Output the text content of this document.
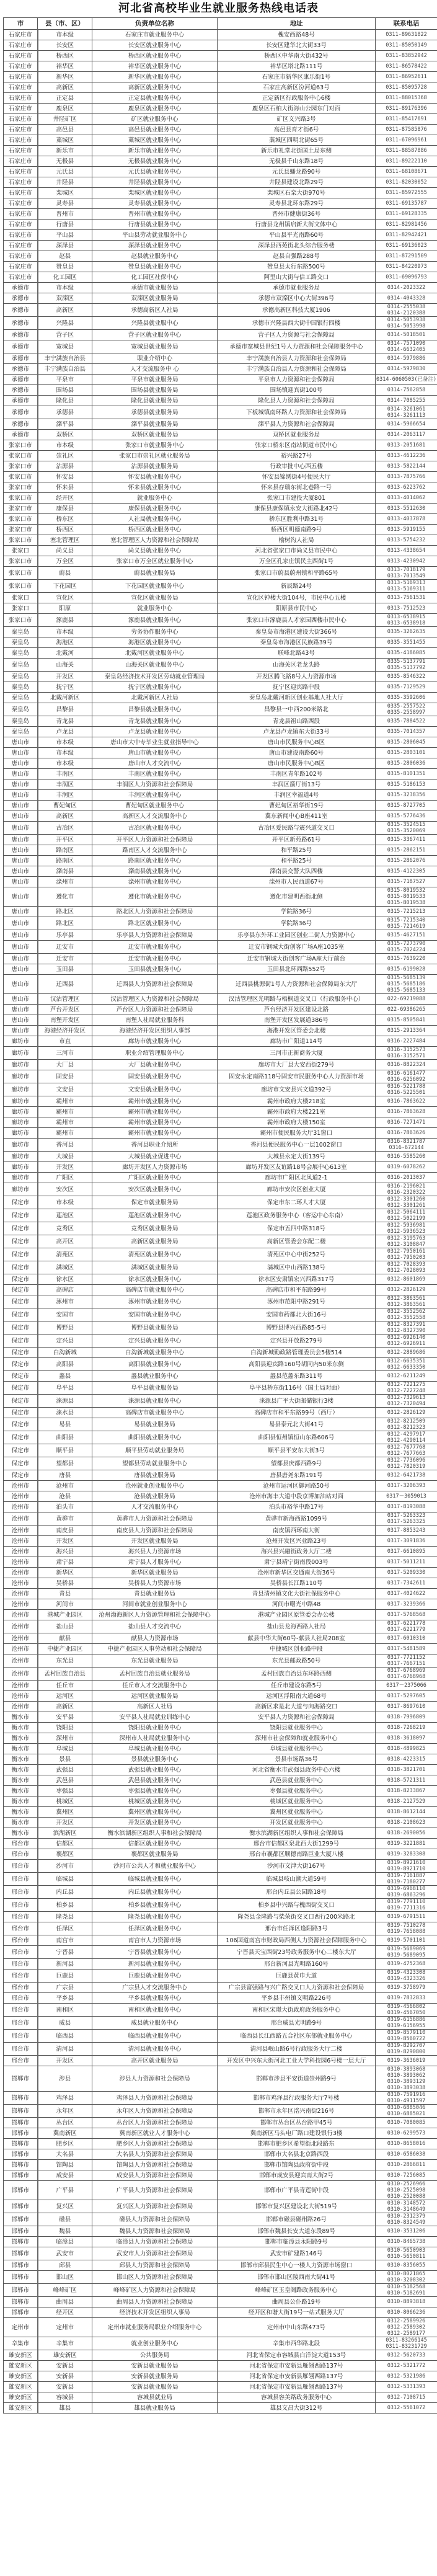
河北省高校毕业生就业服务热线电话表
市	县（市、区）	负责单位名称	地址	联系电话
石家庄市	市本级	石家庄市就业服务中心	槐安西路48号	0311-89631822
石家庄市	长安区	长安区就业服务中心	长安区建华北大街33号	0311-85050149
石家庄市	桥西区	桥西区就业服务中心	桥西区中华南大街432号	0311-83852942
石家庄市	裕华区	裕华区就业服务中心	裕华区塔北路111号	0311-86578422
石家庄市	新华区	新华区就业服务中心	石家庄市新华区康乐街1号	0311-86952611
石家庄市	高新区	高新区就业服务中心	石家庄高新区汾河道63号	0311-85095728
石家庄市	正定县	正定县就业服务中心	正定新区行政服务中心6楼	0311-88015368
石家庄市	鹿泉区	鹿泉区就业服务中心	鹿泉区石柏大街海山公园东门对面	0311-89176396
石家庄市	井陉矿区	矿区就业服务中心	矿区文兴路3号	0311-85417691
石家庄市	高邑县	高邑县就业服务中心	高邑县育才街6号	0311-87585876
石家庄市	藁城区	藁城区就业服务中心	藁城区四明北街65号	0311-67096961
石家庄市	新乐市	新乐市就业服务中心	新乐市礼堂北街国土局东侧	0311-88587886
石家庄市	无极县	无极县就业服务中心	无极县千山东路18号	0311-89222110
石家庄市	元氏县	元氏县就业服务中心	元氏县蟠龙路90号	0311-68108671
石家庄市	井陉县	井陉县就业服务中心	井陉县建设北路29号	0311-82030052
石家庄市	栾城区	栾城区就业服务中心	栾城区石栾大街970号	0311-85972555
石家庄市	灵寿县	灵寿县就业服务中心	灵寿县北环东路29号	0311-69135787
石家庄市	晋州市	晋州市就业服务中心	晋州市健康街36号	0311-69128335
石家庄市	行唐县	行唐县就业服务中心	行唐县龙州镇启新大街文体中心	0311-82981456
石家庄市	平山县	平山县劳动就业服务中心	平山县平光南路60号	0311-82942421
石家庄市	深泽县	深泽县就业服务中心	深泽县西苑街北头综合服务楼	0311-69136023
石家庄市	赵县	赵县就业服务中心	赵县自强路288号	0311-87291509
石家庄市	赞皇县	赞皇县就业服务中心	赞皇县太行东路500号	0311-84220973
石家庄市	化工园区	化工园区社保中心	阿里山大街与信工路交口	0311-69096793
承德市	市本级	承德市就业服务局	承德市就业服务局	0314-2023322
承德市	双滦区	双滦区就业服务局	承德市双滦区中心大街396号	0314-4043328
承德市	高新区	承德高新区人社局	承德高新区科技大厦1906	0314-2555038
0314-2120388
承德市	兴隆县	兴隆县就业服中心	承德市兴隆县西大街中国银行四楼	0314-5053938
0314-5053998
承德市	营子区	营子区就业服务中心	营子区人力资源与社会保障局	0314-5018501
承德市	宽城县	宽城县就业服务局	承德市宽城县世纪1号人力资源和社会保障服务中心	0314-7571090
0314-6632405
承德市	丰宁满族自治县	职业介绍中心	丰宁满族自治县人力资源和社会保障局	0314-5979886
承德市	丰宁满族自治县	人才交流服务中 心	丰宁满族自治县人力资源和社会保障局	0314-5979830
承德市	平泉市	平泉市就业服务局	平泉市人力资源和社会保障局	0314-6060503(已备注)
承德市	围场县	围场县就业服务局	围场镇迎宾街100号	0314-7562858
承德市	隆化县	隆化县就业服务局	隆化县人力资源和社会保障局	0314-7085255
承德市	承德县	承德县就业服务局	下板城镇南环路人力资源和社会保障局	0314-3261061
0314-3261113
承德市	滦平县	滦平县就业服务局	滦平县人力资源和社会保障局	0314-5966654
承德市	双桥区	双桥区就业服务局	双桥区就业服务局	0314-2063117
张家口市	市本级	张家口市就业服务中心	张家口桥东区南站街道市民中心	0313-2051681
张家口市	崇礼区	张家口市崇礼区就业服务局	裕兴路27号	0313-4612236
张家口市	沽源县	沽源县就业服务局	行政审批中心西五楼	0313-5822144
张家口市	怀安县	怀安县就业服务中心	怀安县锦绣街4号便民大厅	0313-7875766
张家口市	怀来县	怀来县就业服务中心	怀来县存瑞东街北巷路一号	0313-6223762
张家口市	经开区	就业服务中心	张家口市建投大厦801	0313-4014062
张家口市	康保县	康保县就业服务中心	康保县康保镇永安大街路北42号	0313-5512630
张家口市	桥东区	人社局就业服务中心	桥东区胜利中路31号	0313-4037878
张家口市	桥西区	桥西区就业服务中心	桥西区明德南路9号	0313-5919155
张家口市	塞北管理区	塞北管理区人力资源和社会保障局	榆树沟人社局	0313-5754232
张家口	尚义县	尚义县就业服务中心	河北省张家口市尚义县市民中心	0313-4338654
张家口市	万全区	张家口市万全区就业服务中心	万全区孔家庄镇民主西街1号	0313-4230942
张家口市	蔚县	蔚县就业服务局	张家口市蔚县蔚州镇和平路65号	0313-7018179
0313-7013549
张家口市	下花园区	下花园区就业服务中心	新辰路24号	0313-5169313
0313-5169311
张家口	宣化区	宣化区就业服务局	宣化区钟楼大街104号，市民中心五楼	0313-7561531
张家口	阳原	就业服务中心	阳原县市民中心	0313-7512523
张家口市	涿鹿县	涿鹿县就业服务中心	张家口市涿鹿县人才家园西楼市民中心	0313-6538915
0313-6538918
秦皇岛	市本级	劳务协作服务中心	秦皇岛市海港区建设大街366号	0335-3262635
秦皇岛	海港区	海港区就业服务中心	秦皇岛市海港区民族路39号	0335-3551455
秦皇岛	北戴河	北戴河区就业服务中心	联峰北路43号	0335-4186085
秦皇岛	山海关	山海关区就业服务中心	山海关区老龙头路	0335-5137791
0335-5137792
秦皇岛	开发区	秦皇岛经济技术开发区劳动就业管理局	开发区腾飞路8号人力资源市场	0335-8546322
秦皇岛	抚宁区	抚宁区就业服务中心	抚宁区迎宾路中段	0335-7129529
秦皇岛	北戴河新区	北戴河新区人社局	秦皇岛北戴河新区创业基地人社大厅	0335-3592606
秦皇岛	昌黎县	昌黎县就业服务中心	昌黎县一中西200米路北	0335-2557522
0335-2558997
秦皇岛	青龙县	青龙县就业服务中心	青龙县祖山路西段	0335-7884522
秦皇岛	卢龙县	卢龙县就业服务中心	卢龙县卢龙镇东大街33号	0335-7014357
唐山市	市本级	唐山市大中专毕业生就业指导中心	唐山市民服务中心B区	0315-2806045
唐山市	市本级	唐山市就业服务中心	唐山市建设南路60号	0315-2803101
唐山市	市本级	唐山市人才交流中心	唐山市民服务中心B区	0315-2806036
唐山市	丰南区	丰南区就业服务中心	丰南区青年路102号	0315-8101351
唐山市	丰润区	丰润区人力资源和社会保障局	丰润区箭厅街13号	0315-5186153
唐山市	丰润区	丰润区就业服务中心	丰润区幸福道4号	0315-3238356
唐山市	曹妃甸区	曹妃甸区就业服务中心	曹妃甸区裕华街19号	0315-8727705
唐山市	高新区	高新区人才交流服务中心	冀东新闻中心B座411室	0315-5776436
唐山市	古冶区	古冶区就业服务中心	古冶区爱民路与震兴道交叉口	0315-3524515
0315-3520069
唐山市	开平区	开平区人力资源和社会保障局	开平区新苑路61号	0315-3367411
唐山市	路南区	路南区人才交流服务中心	和平路25号	0315-2862151
唐山市	路南区	路南区就业服务中心	和平路25号	0315-2862076
唐山市	滦南县	滦南县就业服务中心	滦南县交警大队四楼	0315-4122305
唐山市	滦州市	滦州市就业服务中心	滦州市人民西道67号	0315-7187527
唐山市	遵化市	遵化市就业服务中心	遵化市建明西街北侧	0315-8019532
0315-8019533
0315-8019538
唐山市	路北区	路北区人力资源和社会保障局	学院路36号	0315-7215213
唐山市	路北区	路北区就业服务中心	学院路36号	0315-7215340
0315-7214619
唐山市	乐亭县	乐亭县人力资源和社会保障局	乐亭县东外环工业园区创业二街人力资源中心	0315-4627151
唐山市	迁安市	迁安市就业服务中心	迁安市钢城大街创客广场A座1035室	0315-7273790
0315-7024224
唐山市	迁安市	迁安市就业服务中心	迁安市钢城大街创客广场A座大厅前台	0315-7639220
唐山市	玉田县	玉田县就业服务中心	玉田县北环西路552号	0315-6199028
唐山市	迁西县	迁西县人力资源和社会保障局	迁西县桃源街1号人力资源和社会保障局东大厅	0315-5685139
0315-5685186
0315-5685133
唐山市	汉沽管理区	汉沽管理区人力资源和社会保障局	汉沽管理区光明路与梧桐道交叉口（行政服务中心）	022-69219088
唐山市	芦台开发区	芦台区人力资源和社会保障局	芦台经济开发区建设北路	022-69386265
唐山市	南堡开发区	南堡人社局就业服务科	南堡开发区发展道386号	0315-8505841
唐山市	海港经济开发区	海港经济开发区组织人事部	海港开发区管委会北楼	0315-2913364
廊坊市	市直	廊坊市就业服务中心	廊坊市广阳道114号	0316-2227484
廊坊市	三河市	职业介绍管理服务中心	三河市正新商务大厦	0316-3152573
0316-3152571
廊坊市	大厂县	大厂县就业服务中心	廊坊市大厂县大安西街279号	0316-8822324
廊坊市	固安县	固安县就业服务中心	固安永定南路118号固安市民服务中心人力资源市场	0316-6161477
0316-6256092
廊坊市	文安县	文安县就业服务中心	廊坊市文安县兴文道392号	0316-5221788
0316-5225501
廊坊市	霸州市	霸州市就业服务中心	霸州市政府大楼218室	0316-7863622
廊坊市	霸州市	霸州市就业服务中心	霸州市政府大楼221室	0316-7863628
廊坊市	霸州市	霸州市就业服务中心	霸州市政府大楼150室	0316-7271471
廊坊市	霸州市	霸州市就业服务中心	霸州市便民服务大厅31窗口	0316-7863626
廊坊市	香河县	香河县职业介绍所	香河县便民服务中心一层1002窗口	0316-8321787
0316-672144
廊坊市	大城县	大城县就业促进中心	大城县永定大街139号	0316-5585260
廊坊市	开发区	廊坊开发区人力资源市场	廊坊开发区友谊路18号会展中心613室	0319-6078262
廊坊市	广阳区	广阳区就业服务中心	廊坊市广阳区北凤道2-1	0316-2013037
廊坊市	安次区	安次区就业服务中心	廊坊市安次区创业大厦	0316-2196021
0316-2320322
保定市	市本级	保定市就业服务局	保定市东二环人才大厦	0312-3301260
0312-3301261
保定市	莲池区	莲池区就业服务中心	莲池区政务服务中心（客运中心东南）	0312-5064111
0312-5022199
保定市	竞秀区	竞秀区就业服务局	保定市五四中路318号	0312-5936981
0312-5936523
保定市	高开区	高新区就业服务局	高新区管委会东配二楼	0312-3195763
0312-3108847
保定市	清苑区	清苑区就业服务中心	清苑区中心中街252号	0312-7950161
0312-7950203
保定市	满城区	满城区就业服务局	满城区中山西路138号	0312-7028393
0312-7028093
保定市	徐水区	徐水区就业服务中心	徐水区安肃镇宏兴西路317号	0312-8601869
保定市	高碑店	高碑店市就业服务中心	高碑店市和平东路99号	0312-2826129
保定市	涿州市	涿州市就业服务中心	涿州市范阳中路291号	0312-3863561
0312-3863561
保定市	安国市	安国市就业服务中心	安国市药都北大街16号	0312-3552562
0312-3552558
保定市	博野县	博野县就业服务局	博野县博兴西路85-5号	0312-8327391
0312-8327390
保定市	定兴县	定兴县就业服务中心	定兴县开放路279号	0312-6926140
0312-6926911
保定市	白沟新城	白沟新城就业服务中心	白沟新城勤政路管理委员会5楼514	0312-2889686
保定市	高阳县	高阳县就业服务中心	高阳县迎宾路160号胡同内50米东侧	0312-6635351
0312-6633350
保定市	蠡县	蠡县就业服务中心	蠡县范蠡东路311号	0312-6211249
保定市	阜平县	阜平县就业服务局	阜平县桥东街116号（国土局对面）	0312-7221275
0312-7227248
保定市	涞源县	涞源县就业服务中心	涞源县广平大街邮储银行3楼	0312-7329613
0312-7320494
保定市	涞水县	高碑店市就业服务中心	高碑店市和平东路99号（西厅）	0312-2826129
保定市	易县	易县就业服务局	易县泰元北大街41号	0312-8212509
0312-8212323
保定市	曲阳县	曲阳县就业服务中心	曲阳县恒州镇恒山东路606号	0312-4297917
0312-4290114
保定市	顺平县	顺平县劳动就业服务局	顺平县平安东大街3号	0312-7677768
0312-7677663
保定市	望都县	望都县劳动就业服务中心	望都县庆都西路9号	0312-7736096
0312-7820319
保定市	唐县	唐县就业服务局	唐县唐尧东路191号	0312-6421738
沧州市	沧州市	沧州就业创业服务中心	沧州市运河区御河路50号	0317-3206393
沧州市	沧县	沧县就业服务局	沧州市海丰大道中段京博加油站对面	0317－3059013
沧州市	泊头市	人才交流服务中心	泊头市裕华中路17号	0317-8193088
沧州市	黄骅市	黄骅市人力资源和社会保障局	黄骅市新海西路1099号	0317-5263323
0317-5263325
沧州市	南皮县	南皮县人力资源和社会保障局	南皮镇西环南大街	0317-8853243
沧州市	开发区	开发区就业服务局	沧州开发区兴业路23号	0317-3091836
沧州市	海兴县	海兴县人力资源市场	海兴县兴融街政务大厅二楼	0317-6610895
沧州市	肃宁县	肃宁县人才服务中心	肃宁县靖宁街南段003号	0317-5011211
沧州市	新华区	新华区就业服务局	沧州市新华区交通南大街36号	0317-5209330
沧州市	吴桥县	吴桥县人力资源市场	吴桥县长江路110号	0317-7342611
沧州市	青县	青县就业服务局	青县清州镇文化大街社保服务中心	0317-4024622
沧州市	河间市	河间市就业创业服务中心	河间市曙光中路48	0317-3239366
沧州市	港城产业园区	沧州渤海新区人力资源管理和社会保障中心	港城产业园区原管委会办公楼	0317-5768568
沧州市	盐山县	盐山县人才交流中心	盐山县龙海西路人社局	0317-6221778
0317-6221779
沧州市	献县	献县人力资源市场	献县中华大街60号-献县人社局208室	0317-6010310
沧州市	中捷产业园区	中捷产业园区人事劳动和社会保障局	中捷城区创业路中段	0317-5481589
沧州市	东光县	东光县就业服务局	东光县邮政路50号	0317-7721152
0317-7667151
沧州市	孟村回族自治县	孟村回族自治县就业服务局	孟村回族自治县东环路西侧	0317-6768969
0317-6768968
沧州市	任丘市	任丘市人才交流服务中心	任丘市建设东路5号	0317－2375066
沧州市	运河区	运河区就业服务局	运河区浮阳南大道68号	0317-5297605
沧州市	高新区	高新区人社局	高新区求是北大道与向海路交口	0317-8697610
衡水市	安平县	安平县人社局就业训练中心	安平县人力资源和社会保障局	0318-7996809
衡水市	饶阳县	饶阳县就业服务中心	饶阳县就业服务中心	0318-7268219
衡水市	深州市	深州市人社局就业服务中心	深州市社会保障和就业服务中心	0318-3618097
衡水市	阜城县	阜城县就业服务中心	阜城县就业服务中心	0318-4899825
衡水市	景县	景县就业服务中心	景县市场路36号	0318-4223315
衡水市	武强县	武强县就业服务中心	河北省衡水市武强县政务中心六楼	0318-3821701
衡水市	武邑县	武邑县就业服务中心	武邑县就业服务中心	0318—5721311
衡水市	枣强县	枣强县就业服务中心	枣强县就业服务中心	0318-8233867
衡水市	桃城区	桃城区就业服务中心	桃城区就业服务中心	0318-2127529
衡水市	冀州区	冀州区就业服务中心	冀州区就业服务中心	0318-8612144
衡水市	开发区	开发区就业服务中心	开发区就业服务中心	0318-2108623
衡水市	滨湖新区	衡水滨湖新区组织人事和社会保障局	衡水滨湖新区组织人事和社会保障局	0318-2690056
邢台市	信都区	信都区就业服务中心	邢台市信都区泉北西大街1299号	0319-3221881
邢台市	襄都区	襄都区就业服务局	邢台市襄都区顺德南路巨业大厦八楼	0319-3283308
邢台市	沙河市	沙河市公共人才和就业服务中心	沙河市文津大街167号	0319-8921610
0319-8921710
邢台市	临城县	临城县就业服务中心	临城县岐山湖大道59号	0319-7161887
0319-7180277
邢台市	内丘县	内丘县就业服务中心	邢台内丘县公园路18号	0319-6968110
0319-6863296
邢台市	柏乡县	柏乡县就业服务中心	柏乡县中兴路与槐西街交叉口	0319-7791110
0319-7711316
邢台市	隆尧县	隆尧县就业服务中心	隆尧县金隆路与柴荣街交叉口西行200米路北	0319-6791511
邢台市	任泽区	任泽区就业服务中心	邢台市任泽区逢阳路3号	0319-7510278
0319-7658088
邢台市	南宫市	南宫市人力资源市场	106国道南宫市财政局西侧人力资源社会保障服务中心	0319-5701101
邢台市	宁晋县	宁晋县就业服务中心	宁晋县天宝西街23号政务服务中心二楼东大厅	0319-5689069
0319-5689095
邢台市	新河县	新河县就业服务中心	邢台新河县光明路160号	0319-4752368
邢台市	巨鹿县	巨鹿县就业服务中心	巨鹿县黄巾大道	0319-4323308
0319-4323326
邢台市	广宗县	广宗县人才交流服务中心	广宗县富强路与兴广路交叉口人力资源和社会保障局	0319-3758979
邢台市	平乡县	平乡县就业服务中心	平乡县丰州镇文明路226号	0319-7832833
邢台市	南和区	南和区就业服务中心	南和区宋璟大街政府政务服务中心	0319-4566802
0319-4567050
邢台市	威县	威县就业服务中心	邢台威县光明路9号	0319-6156886
0319-6156955
邢台市	临西县	临西县就业服务中心	临西县长江西路五合社区东邻就业服务中心	0319-8579110
0319-8560722
邢台市	清河县	清河县就业服务中心	清河县岷山路6号行政服务大厅二楼	0319-8292707
0319-8290800
邢台市	开发区	高开区就业服务局	开发区中兴东大街河北工业大学科技园6号楼一层大厅	0319-3636019
邯郸市	涉县	涉县人力资源和社会保障局	邯郸市涉县平安街道崇州路9号	0310-3893068
0310-3893062
0310-3893129
0310-3893038
邯郸市	鸡泽县	鸡泽县人力资源和社会保障局	邯郸市鸡泽县行政服务大厅7号楼	0310-7591916
0310-4911597
邯郸市	永年区	永年区人力资源和社会保障局	邯郸市永年区洺兴南街216号	0310-6885046
0310-6885021
邯郸市	丛台区	丛台区人力资源和社会保障局	邯郸市丛台区丛台路甲45号	0310-7080085
邯郸市	冀南新区	冀南新区就业人才服务中心	冀南新区马头电厂路口建设银行3楼	0310-6299573
邯郸市	肥乡区	肥乡区人力资源和社会保障局	邯郸市肥乡区希望街北段路东	0310-8658016
邯郸市	大名县	大名县人力资源和社会保障局	邯郸市大名县北京路西段	0310-6586038
邯郸市	馆陶县	馆陶县人力资源和社会保障局	邯郸市馆陶县政府街中段	0310-2866811
邯郸市	成安县	成安县人力资源和社会保障局	邯郸市成安县迎宾南大街2号	0310-7256085
邯郸市	广平县	广平县人力资源和社会保障局	邯郸市广平县青莲街中段	0310-2526966
0310-2525098
0310-2520088
邯郸市	复兴区	复兴区人力资源和社会保障局	邯郸市复兴区建设北大街519号	0310-3148572
0310-3148649
邯郸市	磁县	磁县人力资源和社会保障局	邯郸市磁县磁州路26号	0310-2312379
0310-8324549
邯郸市	魏县	魏县人力资源和社会保障局	邯郸市魏县长安大道东段89号	0310-3531206
邯郸市	临漳县	临漳县人力资源和社会保障局	邯郸市临漳县永阳路9号	0310-8465738
邯郸市	武安市	武安市人力资源和社会保障局	武安市矿建路146号	0310-5650903
0310-5650811
邯郸市	邱县	邱县人力资源和社会保障局	邯郸市邱县民生中心一楼人力资源市场窗口	0310-8356055
邯郸市	邯山区	邯山区人力资源和社会保障局	邯郸市邯山区陵西南大街41号	0310-8021865
0310-3208302
邯郸市	峰峰矿区	峰峰矿区人力资源和社会保障局	峰峰矿区玉皇阁路政务服务中心	0310-5182568
0310-5182691
邯郸市	曲周县	曲周县人力资源和社会保障局	曲周县公仆路19号	0310-8893818
邯郸市	经开区	经济技术开发区组织人事局	经开区和谐大街19号一站式服务大厅	0310-8066236
定州市	定州市	定州市就业服务局职业介绍服务中心	定州市中山东路473号	0312-2589926
0312-2589302
0312-2589177
辛集市	辛集市	就业创业服务中心	辛集市西华路北段	0311-83266145
0311-83231729
雄安新区	雄安新区	公共服务局	河北省保定市容城县白洋淀大道153号	0312-5620733
雄安新区	安新县	安新县就业服务局	河北省保定市安新县雁翎西路137号	0312-5321772
雄安新区	安新县	安新县就业服务局	河北省保定市安新县雁翎西路137号	0312-5321986
雄安新区	安新县	安新县就业服务局	河北省保定市安新县雁翎西路137号	0312-5331393
雄安新区	容城县	容城县就业局	容城县容美路政务服务中心	0312-7108715
雄安新区	雄县	雄县就业服务局	雄县文昌大街312号	0312-5561072
